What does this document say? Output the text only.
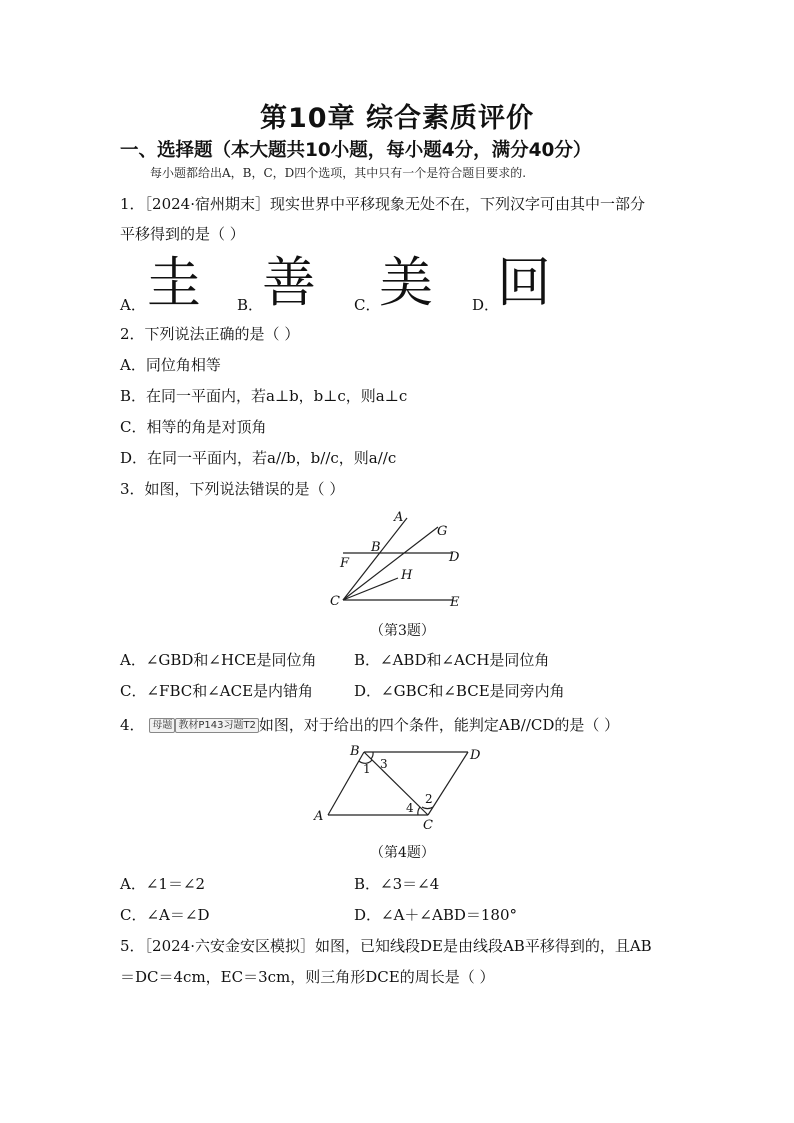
第10章 综合素质评价
一、选择题（本大题共10小题，每小题4分，满分40分）
每小题都给出A，B，C，D四个选项，其中只有一个是符合题目要求的.
1．［2024·宿州期末］现实世界中平移现象无处不在，下列汉字可由其中一部分
平移得到的是（ ）
A． 圭 B．
善	C．
美	D．
回
2．下列说法正确的是（ ）
A．同位角相等
B．在同一平面内，若a⊥b，b⊥c，则a⊥c
C．相等的角是对顶角
D．在同一平面内，若a//b，b//c，则a//c
3．如图，下列说法错误的是（ ）
A
G
B
D
F
H
C	E
（第3题）
A．∠GBD和∠HCE是同位角 B．∠ABD和∠ACH是同位角
C．∠FBC和∠ACE是内错角	D．∠GBC和∠BCE是同旁内角
4． 母题 教材P143习题T2 如图，对于给出的四个条件，能判定AB//CD的是（ ）
B	D
A
C
1 3
4
2
（第4题）
A．∠1＝∠2	B．∠3＝∠4
C．∠A＝∠D	D．∠A＋∠ABD＝180°
5．［2024·六安金安区模拟］如图，已知线段DE是由线段AB平移得到的，且AB
＝DC＝4cm，EC＝3cm，则三角形DCE的周长是（ ）
